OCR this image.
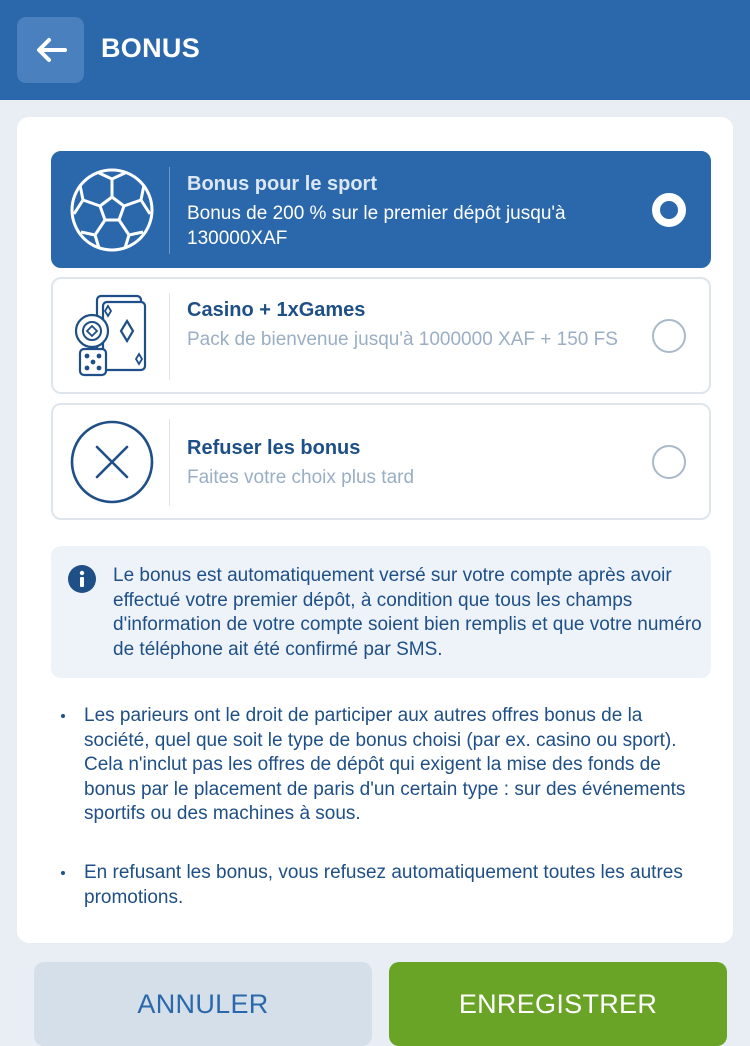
BONUS
Bonus pour le sport
Bonus de 200 % sur le premier dépôt jusqu'à 130000XAF
Casino + 1xGames
Pack de bienvenue jusqu'à 1000000 XAF + 150 FS
Refuser les bonus
Faites votre choix plus tard
Le bonus est automatiquement versé sur votre compte après avoir effectué votre premier dépôt, à condition que tous les champs d'information de votre compte soient bien remplis et que votre numéro de téléphone ait été confirmé par SMS.
Les parieurs ont le droit de participer aux autres offres bonus de la société, quel que soit le type de bonus choisi (par ex. casino ou sport). Cela n'inclut pas les offres de dépôt qui exigent la mise des fonds de bonus par le placement de paris d'un certain type : sur des événements sportifs ou des machines à sous.
En refusant les bonus, vous refusez automatiquement toutes les autres promotions.
ANNULER	ENREGISTRER
